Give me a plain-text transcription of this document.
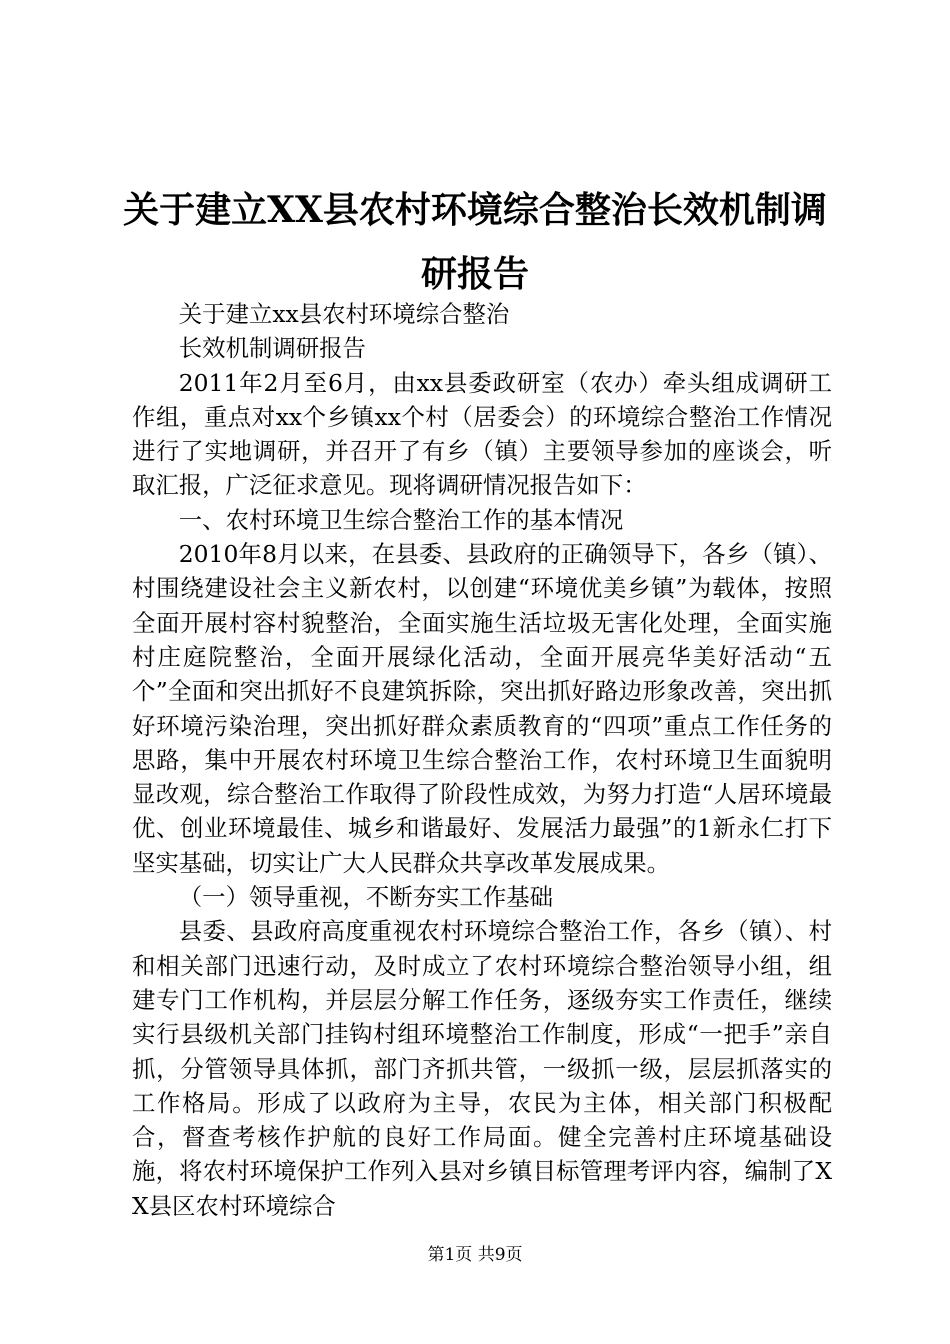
关于建立XX县农村环境综合整治长效机制调
研报告

关于建立xx县农村环境综合整治

长效机制调研报告

2011年2月至6月，由xx县委政研室（农办）牵头组成调研工作组，重点对xx个乡镇xx个村（居委会）的环境综合整治工作情况进行了实地调研，并召开了有乡（镇）主要领导参加的座谈会，听取汇报，广泛征求意见。现将调研情况报告如下：

一、农村环境卫生综合整治工作的基本情况

2010年8月以来，在县委、县政府的正确领导下，各乡（镇）、村围绕建设社会主义新农村，以创建“环境优美乡镇”为载体，按照全面开展村容村貌整治，全面实施生活垃圾无害化处理，全面实施村庄庭院整治，全面开展绿化活动，全面开展亮华美好活动“五个”全面和突出抓好不良建筑拆除，突出抓好路边形象改善，突出抓好环境污染治理，突出抓好群众素质教育的“四项”重点工作任务的思路，集中开展农村环境卫生综合整治工作，农村环境卫生面貌明显改观，综合整治工作取得了阶段性成效，为努力打造“人居环境最优、创业环境最佳、城乡和谐最好、发展活力最强”的1新永仁打下坚实基础，切实让广大人民群众共享改革发展成果。

（一）领导重视，不断夯实工作基础

县委、县政府高度重视农村环境综合整治工作，各乡（镇）、村和相关部门迅速行动，及时成立了农村环境综合整治领导小组，组建专门工作机构，并层层分解工作任务，逐级夯实工作责任，继续实行县级机关部门挂钩村组环境整治工作制度，形成“一把手”亲自抓，分管领导具体抓，部门齐抓共管，一级抓一级，层层抓落实的工作格局。形成了以政府为主导，农民为主体，相关部门积极配合，督查考核作护航的良好工作局面。健全完善村庄环境基础设施，将农村环境保护工作列入县对乡镇目标管理考评内容，编制了XX县区农村环境综合

第1页 共9页
